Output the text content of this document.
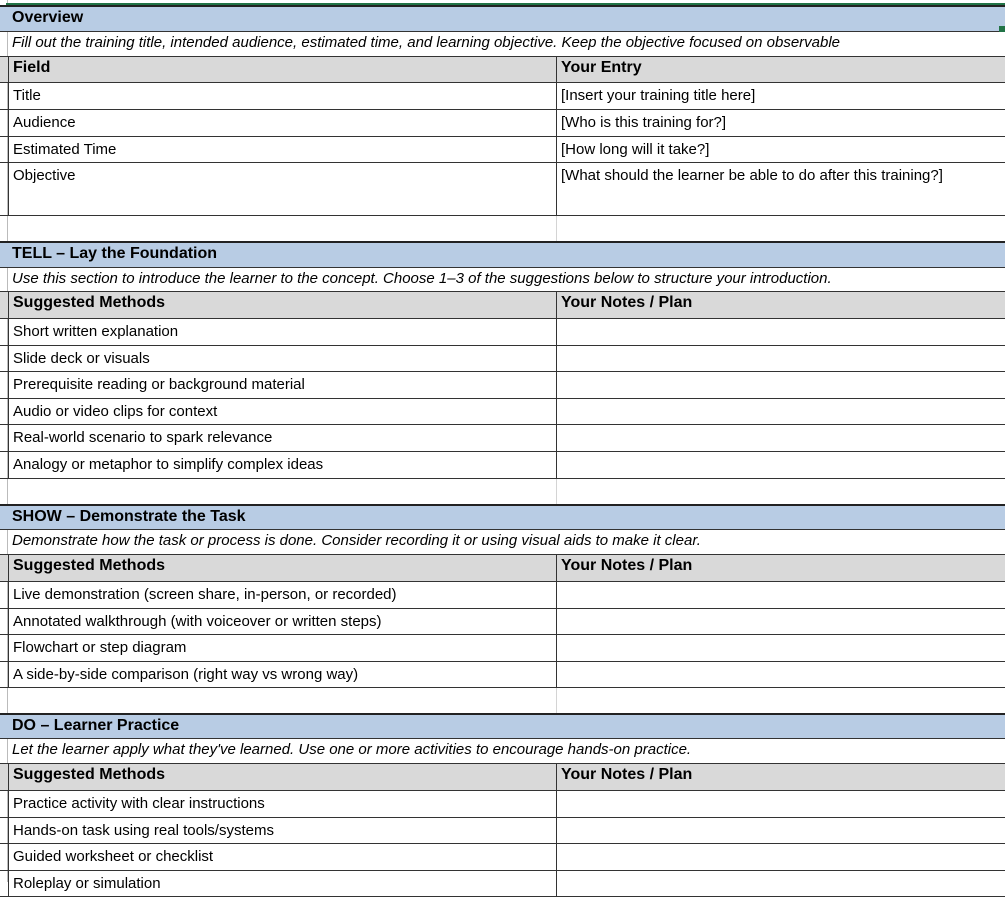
Overview
Fill out the training title, intended audience, estimated time, and learning objective. Keep the objective focused on observable
Field	Your Entry
Title	[Insert your training title here]
Audience	[Who is this training for?]
Estimated Time	[How long will it take?]
Objective	[What should the learner be able to do after this training?]
TELL – Lay the Foundation
Use this section to introduce the learner to the concept. Choose 1–3 of the suggestions below to structure your introduction.
Suggested Methods	Your Notes / Plan
Short written explanation
Slide deck or visuals
Prerequisite reading or background material
Audio or video clips for context
Real-world scenario to spark relevance
Analogy or metaphor to simplify complex ideas
SHOW – Demonstrate the Task
Demonstrate how the task or process is done. Consider recording it or using visual aids to make it clear.
Suggested Methods	Your Notes / Plan
Live demonstration (screen share, in-person, or recorded)
Annotated walkthrough (with voiceover or written steps)
Flowchart or step diagram
A side-by-side comparison (right way vs wrong way)
DO – Learner Practice
Let the learner apply what they've learned. Use one or more activities to encourage hands-on practice.
Suggested Methods	Your Notes / Plan
Practice activity with clear instructions
Hands-on task using real tools/systems
Guided worksheet or checklist
Roleplay or simulation
